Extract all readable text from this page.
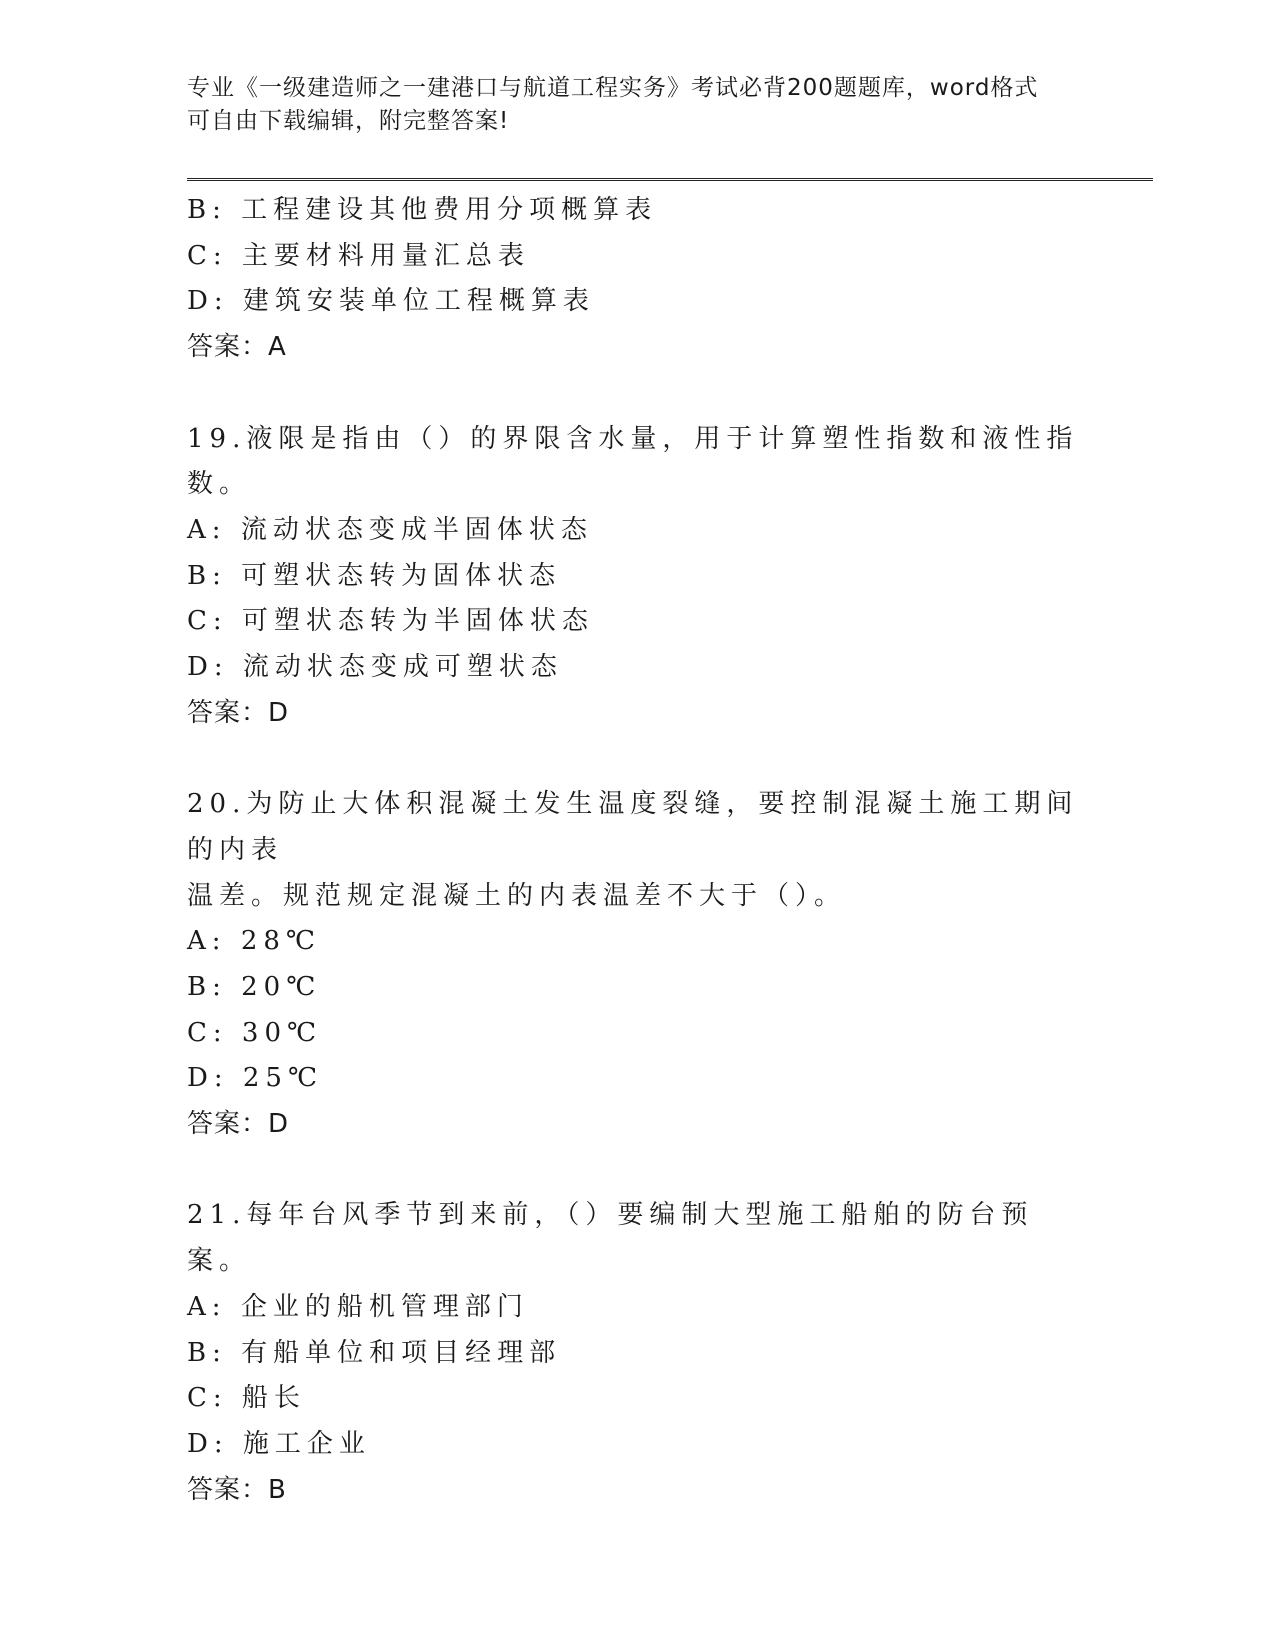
专业《一级建造师之一建港口与航道工程实务》考试必背200题题库，word格式
可自由下载编辑，附完整答案!
B: 工程建设其他费用分项概算表
C: 主要材料用量汇总表
D: 建筑安装单位工程概算表
答案：A
19.液限是指由（）的界限含水量，用于计算塑性指数和液性指数。
A: 流动状态变成半固体状态
B: 可塑状态转为固体状态
C: 可塑状态转为半固体状态
D: 流动状态变成可塑状态
答案：D
20.为防止大体积混凝土发生温度裂缝，要控制混凝土施工期间的内表
温差。规范规定混凝土的内表温差不大于（）。
A: 28℃
B: 20℃
C: 30℃
D: 25℃
答案：D
21.每年台风季节到来前，（）要编制大型施工船舶的防台预案。
A: 企业的船机管理部门
B: 有船单位和项目经理部
C: 船长
D: 施工企业
答案：B
